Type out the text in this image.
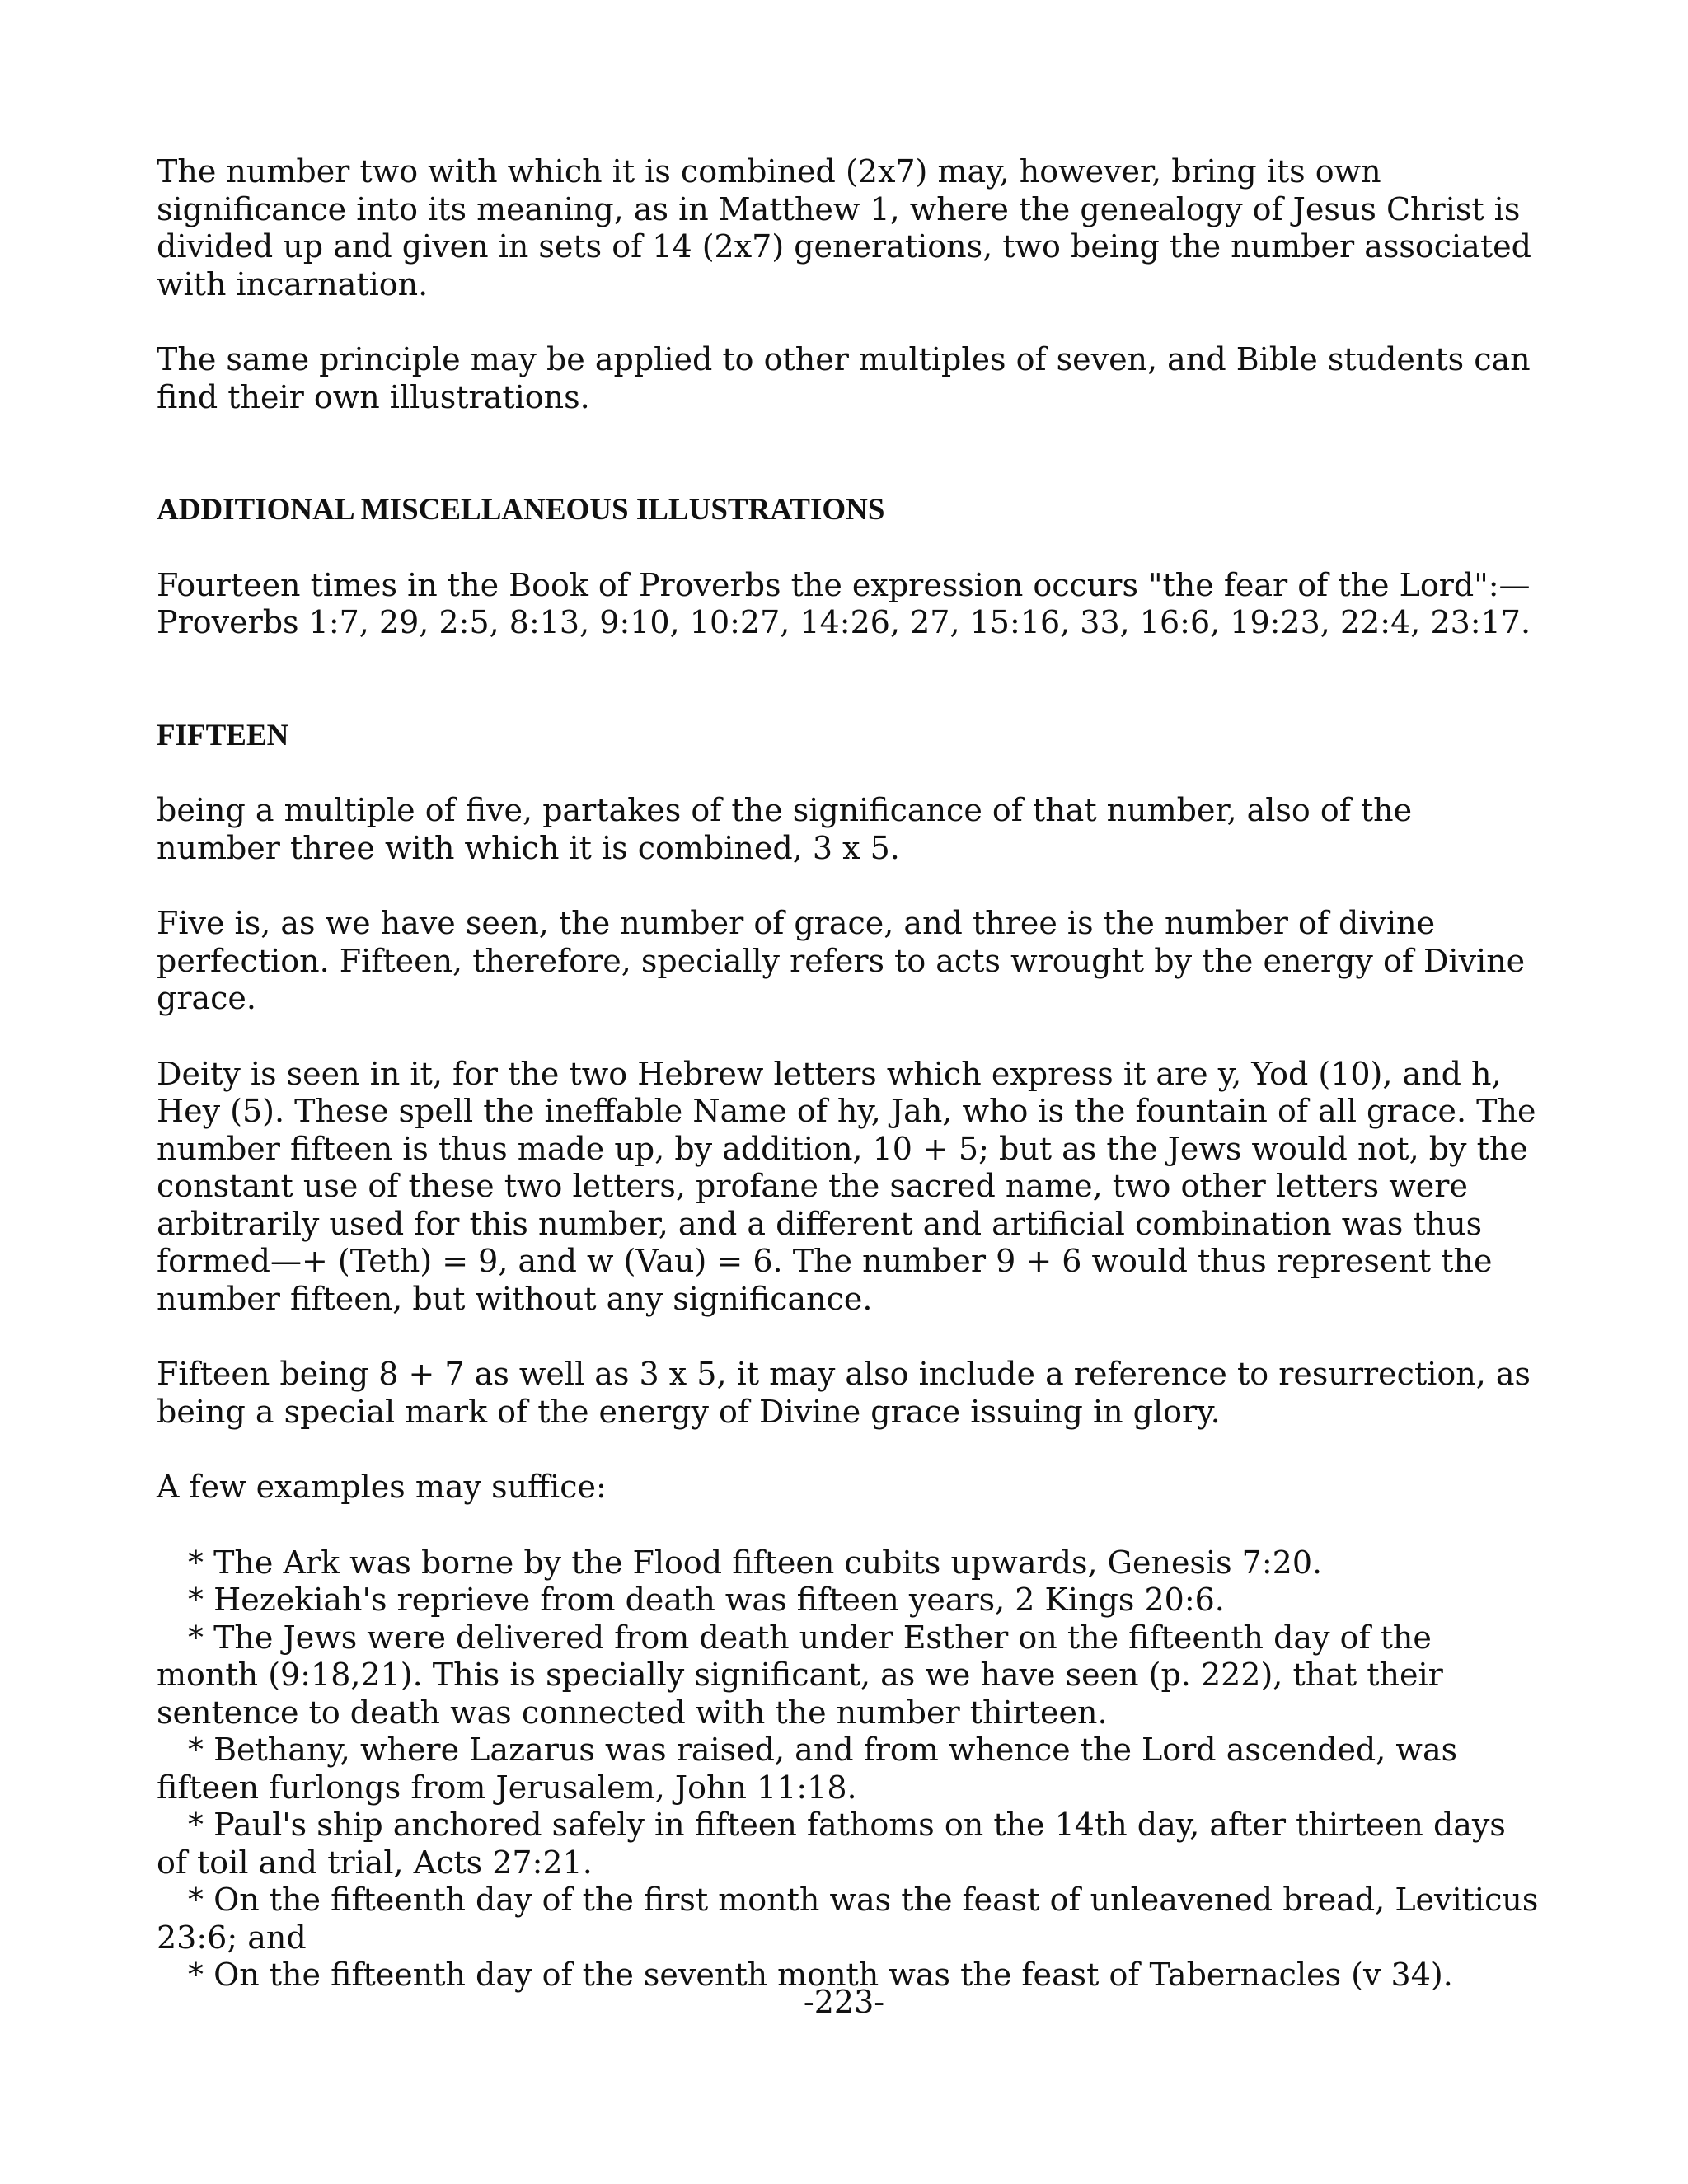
The number two with which it is combined (2x7) may, however, bring its own significance into its meaning, as in Matthew 1, where the genealogy of Jesus Christ is divided up and given in sets of 14 (2x7) generations, two being the number associated with incarnation.

The same principle may be applied to other multiples of seven, and Bible students can find their own illustrations.

ADDITIONAL MISCELLANEOUS ILLUSTRATIONS

Fourteen times in the Book of Proverbs the expression occurs "the fear of the Lord":— Proverbs 1:7, 29, 2:5, 8:13, 9:10, 10:27, 14:26, 27, 15:16, 33, 16:6, 19:23, 22:4, 23:17.

FIFTEEN

being a multiple of five, partakes of the significance of that number, also of the number three with which it is combined, 3 x 5.

Five is, as we have seen, the number of grace, and three is the number of divine perfection. Fifteen, therefore, specially refers to acts wrought by the energy of Divine grace.

Deity is seen in it, for the two Hebrew letters which express it are y, Yod (10), and h, Hey (5). These spell the ineffable Name of hy, Jah, who is the fountain of all grace. The number fifteen is thus made up, by addition, 10 + 5; but as the Jews would not, by the constant use of these two letters, profane the sacred name, two other letters were arbitrarily used for this number, and a different and artificial combination was thus formed—+ (Teth) = 9, and w (Vau) = 6. The number 9 + 6 would thus represent the number fifteen, but without any significance.

Fifteen being 8 + 7 as well as 3 x 5, it may also include a reference to resurrection, as being a special mark of the energy of Divine grace issuing in glory.

A few examples may suffice:

* The Ark was borne by the Flood fifteen cubits upwards, Genesis 7:20.
* Hezekiah's reprieve from death was fifteen years, 2 Kings 20:6.
* The Jews were delivered from death under Esther on the fifteenth day of the month (9:18,21). This is specially significant, as we have seen (p. 222), that their sentence to death was connected with the number thirteen.
* Bethany, where Lazarus was raised, and from whence the Lord ascended, was fifteen furlongs from Jerusalem, John 11:18.
* Paul's ship anchored safely in fifteen fathoms on the 14th day, after thirteen days of toil and trial, Acts 27:21.
* On the fifteenth day of the first month was the feast of unleavened bread, Leviticus 23:6; and
* On the fifteenth day of the seventh month was the feast of Tabernacles (v 34).
-223-
